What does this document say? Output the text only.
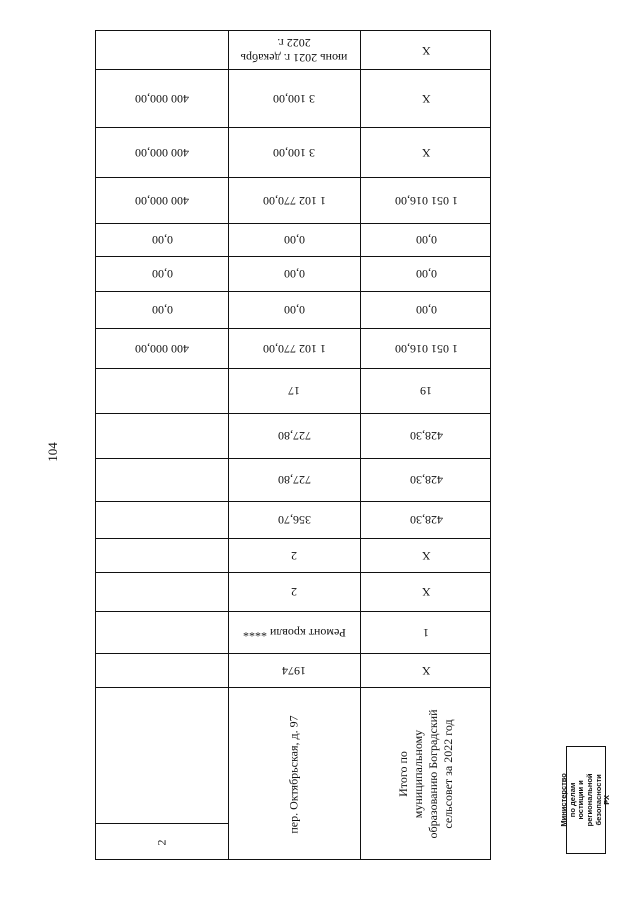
104
X
июнь 2021 г. декабрь 2022 г.
X
3 100,00
400 000,00
X
3 100,00
400 000,00
1 051 016,00
1 102 770,00
400 000,00
0,00
0,00
0,00
0,00
0,00
0,00
0,00
0,00
0,00
1 051 016,00
1 102 770,00
400 000,00
19
17
428,30
727,80
428,30
727,80
428,30
356,70
X
2
X
2
1
Ремонт кровли ****
X
1974
пер. Октябрьская, д. 97	Итого по муниципальному образованию Боградский сельсовет за 2022 год
2
Министерство по делам юстиции и региональной безопасности РХ
